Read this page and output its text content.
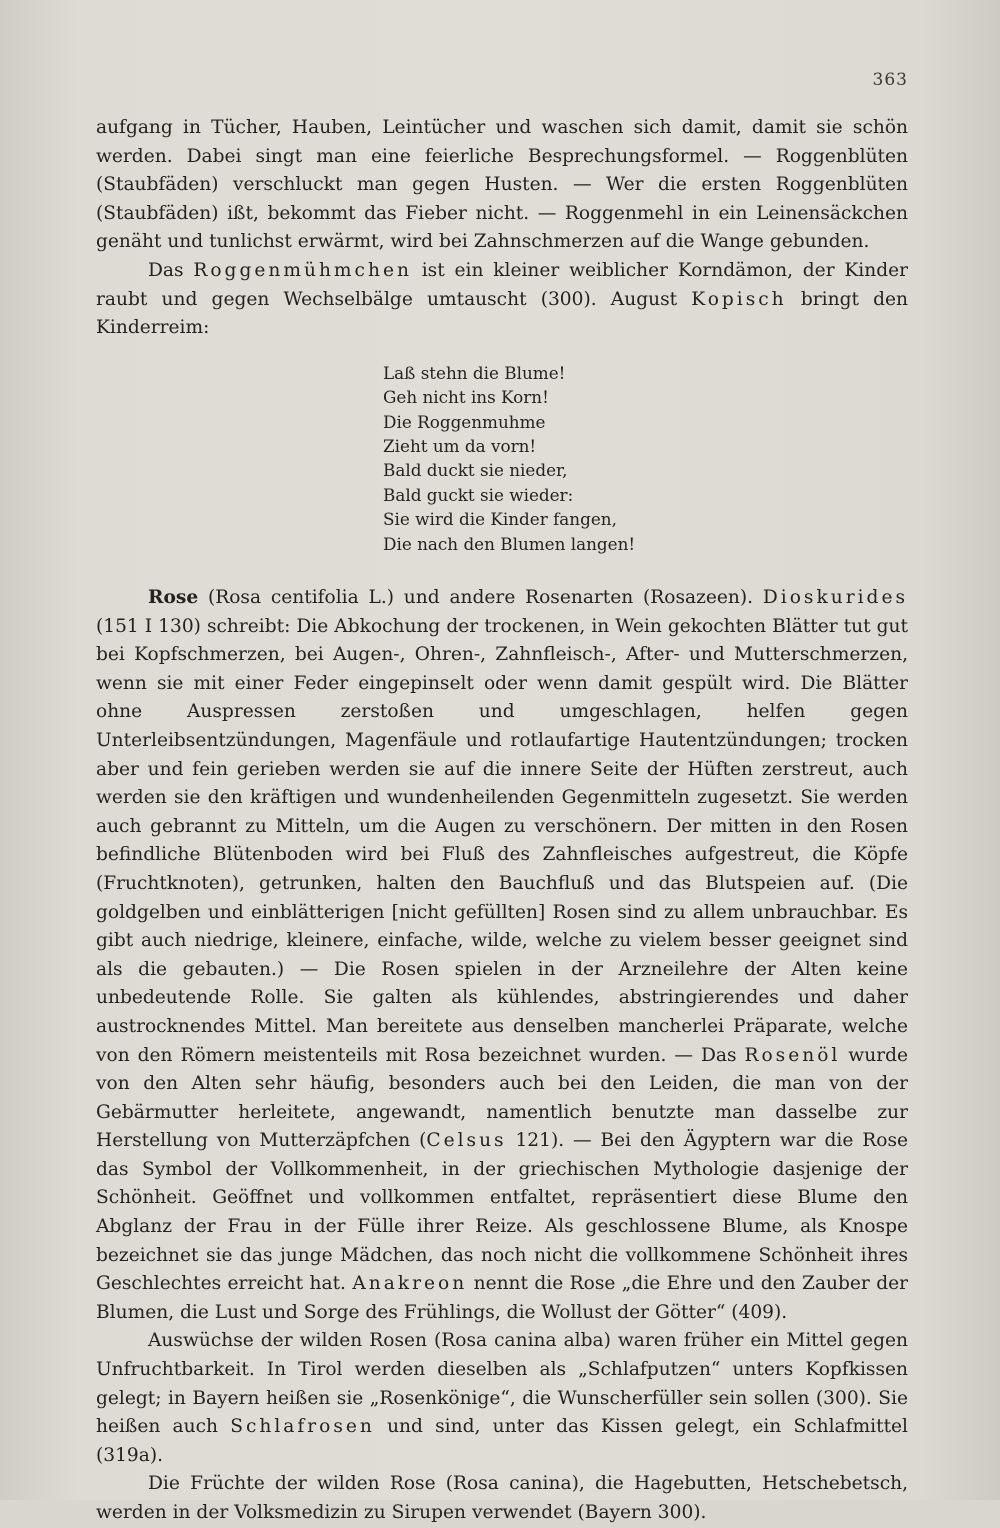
363

aufgang in Tücher, Hauben, Leintücher und waschen sich damit, damit sie schön werden. Dabei singt man eine feierliche Besprechungsformel. — Roggenblüten (Staubfäden) verschluckt man gegen Husten. — Wer die ersten Roggenblüten (Staubfäden) ißt, bekommt das Fieber nicht. — Roggenmehl in ein Leinensäckchen genäht und tunlichst erwärmt, wird bei Zahnschmerzen auf die Wange gebunden.

Das Roggenmühmchen ist ein kleiner weiblicher Korndämon, der Kinder raubt und gegen Wechselbälge umtauscht (300). August Kopisch bringt den Kinderreim:

Laß stehn die Blume!
Geh nicht ins Korn!
Die Roggenmuhme
Zieht um da vorn!
Bald duckt sie nieder,
Bald guckt sie wieder:
Sie wird die Kinder fangen,
Die nach den Blumen langen!

Rose (Rosa centifolia L.) und andere Rosenarten (Rosazeen). Dioskurides (151 I 130) schreibt: Die Abkochung der trockenen, in Wein gekochten Blätter tut gut bei Kopfschmerzen, bei Augen-, Ohren-, Zahnfleisch-, After- und Mutterschmerzen, wenn sie mit einer Feder eingepinselt oder wenn damit gespült wird. Die Blätter ohne Auspressen zerstoßen und umgeschlagen, helfen gegen Unterleibsentzündungen, Magenfäule und rotlaufartige Hautentzündungen; trocken aber und fein gerieben werden sie auf die innere Seite der Hüften zerstreut, auch werden sie den kräftigen und wundenheilenden Gegenmitteln zugesetzt. Sie werden auch gebrannt zu Mitteln, um die Augen zu verschönern. Der mitten in den Rosen befindliche Blütenboden wird bei Fluß des Zahnfleisches aufgestreut, die Köpfe (Fruchtknoten), getrunken, halten den Bauchfluß und das Blutspeien auf. (Die goldgelben und einblätterigen [nicht gefüllten] Rosen sind zu allem unbrauchbar. Es gibt auch niedrige, kleinere, einfache, wilde, welche zu vielem besser geeignet sind als die gebauten.) — Die Rosen spielen in der Arzneilehre der Alten keine unbedeutende Rolle. Sie galten als kühlendes, abstringierendes und daher austrocknendes Mittel. Man bereitete aus denselben mancherlei Präparate, welche von den Römern meistenteils mit Rosa bezeichnet wurden. — Das Rosenöl wurde von den Alten sehr häufig, besonders auch bei den Leiden, die man von der Gebärmutter herleitete, angewandt, namentlich benutzte man dasselbe zur Herstellung von Mutterzäpfchen (Celsus 121). — Bei den Ägyptern war die Rose das Symbol der Vollkommenheit, in der griechischen Mythologie dasjenige der Schönheit. Geöffnet und vollkommen entfaltet, repräsentiert diese Blume den Abglanz der Frau in der Fülle ihrer Reize. Als geschlossene Blume, als Knospe bezeichnet sie das junge Mädchen, das noch nicht die vollkommene Schönheit ihres Geschlechtes erreicht hat. Anakreon nennt die Rose „die Ehre und den Zauber der Blumen, die Lust und Sorge des Frühlings, die Wollust der Götter“ (409).

Auswüchse der wilden Rosen (Rosa canina alba) waren früher ein Mittel gegen Unfruchtbarkeit. In Tirol werden dieselben als „Schlafputzen“ unters Kopfkissen gelegt; in Bayern heißen sie „Rosenkönige“, die Wunscherfüller sein sollen (300). Sie heißen auch Schlafrosen und sind, unter das Kissen gelegt, ein Schlafmittel (319a).

Die Früchte der wilden Rose (Rosa canina), die Hagebutten, Hetschebetsch, werden in der Volksmedizin zu Sirupen verwendet (Bayern 300).
